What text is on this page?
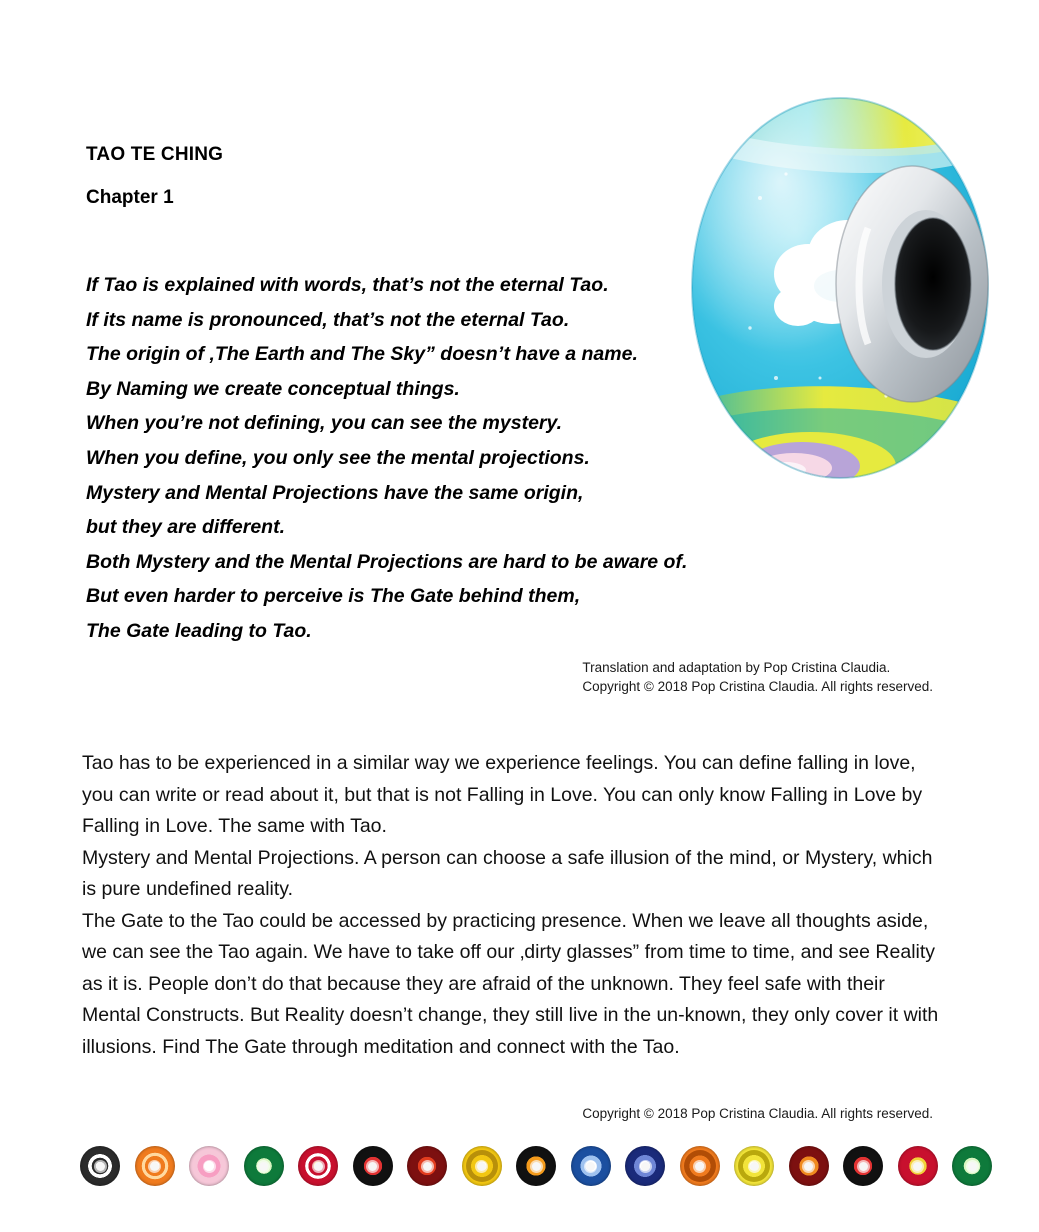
TAO TE CHING
Chapter 1
If Tao is explained with words, that’s not the eternal Tao.
If its name is pronounced, that’s not the eternal Tao.
The origin of ‚The Earth and The Sky” doesn’t have a name.
By Naming we create conceptual things.
When you’re not defining, you can see the mystery.
When you define, you only see the mental projections.
Mystery and Mental Projections have the same origin,
but they are different.
Both Mystery and the Mental Projections are hard to be aware of.
But even harder to perceive is The Gate behind them,
The Gate leading to Tao.
Translation and adaptation by Pop Cristina Claudia.
Copyright © 2018 Pop Cristina Claudia. All rights reserved.

Tao has to be experienced in a similar way we experience feelings. You can define falling in love, you can write or read about it, but that is not Falling in Love. You can only know Falling in Love by Falling in Love. The same with Tao.

Mystery and Mental Projections. A person can choose a safe illusion of the mind, or Mystery, which is pure undefined reality.

The Gate to the Tao could be accessed by practicing presence. When we leave all thoughts aside, we can see the Tao again. We have to take off our ‚dirty glasses” from time to time, and see Reality as it is. People don’t do that because they are afraid of the unknown. They feel safe with their Mental Constructs. But Reality doesn’t change, they still live in the un-known, they only cover it with illusions. Find The Gate through meditation and connect with the Tao.

Copyright © 2018 Pop Cristina Claudia. All rights reserved.
